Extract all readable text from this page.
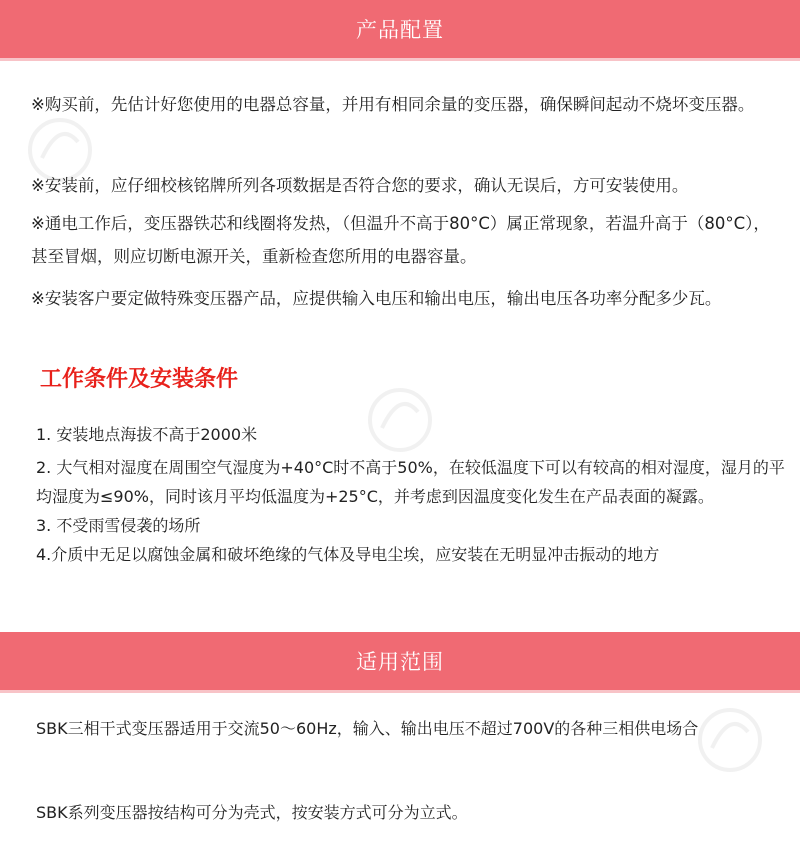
产品配置

※购买前，先估计好您使用的电器总容量，并用有相同余量的变压器，确保瞬间起动不烧坏变压器。

※安装前，应仔细校核铭牌所列各项数据是否符合您的要求，确认无误后，方可安装使用。

※通电工作后，变压器铁芯和线圈将发热，（但温升不高于80°C）属正常现象，若温升高于（80°C），甚至冒烟，则应切断电源开关，重新检查您所用的电器容量。

※安装客户要定做特殊变压器产品，应提供输入电压和输出电压，输出电压各功率分配多少瓦。

工作条件及安装条件
1. 安装地点海拔不高于2000米
2. 大气相对湿度在周围空气湿度为+40°C时不高于50%，在较低温度下可以有较高的相对湿度，湿月的平均湿度为≤90%，同时该月平均低温度为+25°C，并考虑到因温度变化发生在产品表面的凝露。
3. 不受雨雪侵袭的场所
4.介质中无足以腐蚀金属和破坏绝缘的气体及导电尘埃，应安装在无明显冲击振动的地方
适用范围
SBK三相干式变压器适用于交流50～60Hz，输入、输出电压不超过700V的各种三相供电场合
SBK系列变压器按结构可分为壳式，按安装方式可分为立式。
